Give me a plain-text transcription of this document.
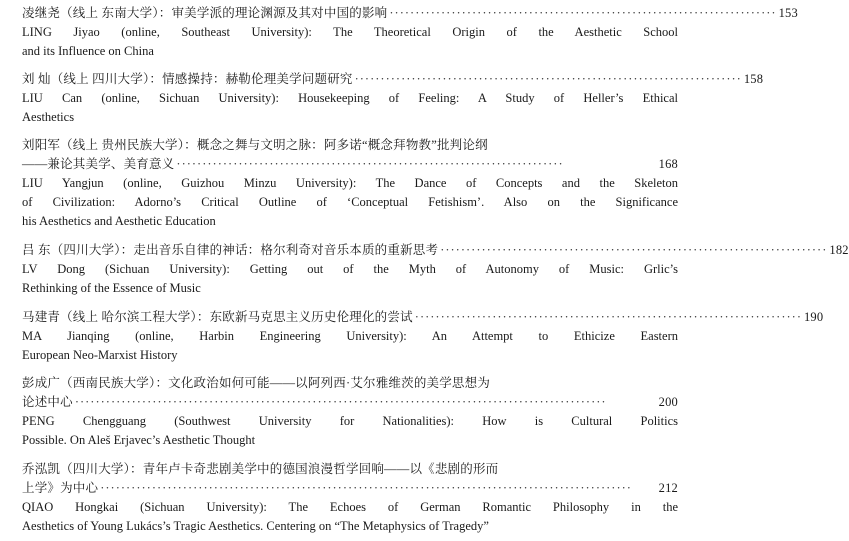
凌继尧（线上 东南大学）：审美学派的理论渊源及其对中国的影响 ··········································································· 153
LING Jiyao (online, Southeast University): The Theoretical Origin of the Aesthetic School
and its Influence on China
刘 灿（线上 四川大学）：情感操持：赫勒伦理美学问题研究 ··········································································· 158
LIU Can (online, Sichuan University): Housekeeping of Feeling: A Study of Heller’s Ethical
Aesthetics
刘阳军（线上 贵州民族大学）：概念之舞与文明之脉：阿多诺“概念拜物教”批判论纲
——兼论其美学、美育意义 ···········································································	168
LIU Yangjun (online, Guizhou Minzu University): The Dance of Concepts and the Skeleton
of Civilization: Adorno’s Critical Outline of ‘Conceptual Fetishism’. Also on the Significance
his Aesthetics and Aesthetic Education
吕 东（四川大学）：走出音乐自律的神话：格尔利奇对音乐本质的重新思考 ··········································································· 182
LV Dong (Sichuan University): Getting out of the Myth of Autonomy of Music: Grlic’s
Rethinking of the Essence of Music
马建青（线上 哈尔滨工程大学）：东欧新马克思主义历史伦理化的尝试 ··········································································· 190
MA Jianqing (online, Harbin Engineering University): An Attempt to Ethicize Eastern
European Neo-Marxist History
彭成广（西南民族大学）：文化政治如何可能——以阿列西·艾尔雅维茨的美学思想为
论述中心 ·······································································································	200
PENG Chengguang (Southwest University for Nationalities): How is Cultural Politics
Possible. On Aleš Erjavec’s Aesthetic Thought
乔泓凯（四川大学）：青年卢卡奇悲剧美学中的德国浪漫哲学回响——以《悲剧的形而
上学》为中心 ·······································································································	212
QIAO Hongkai (Sichuan University): The Echoes of German Romantic Philosophy in the
Aesthetics of Young Lukács’s Tragic Aesthetics. Centering on “The Metaphysics of Tragedy”
